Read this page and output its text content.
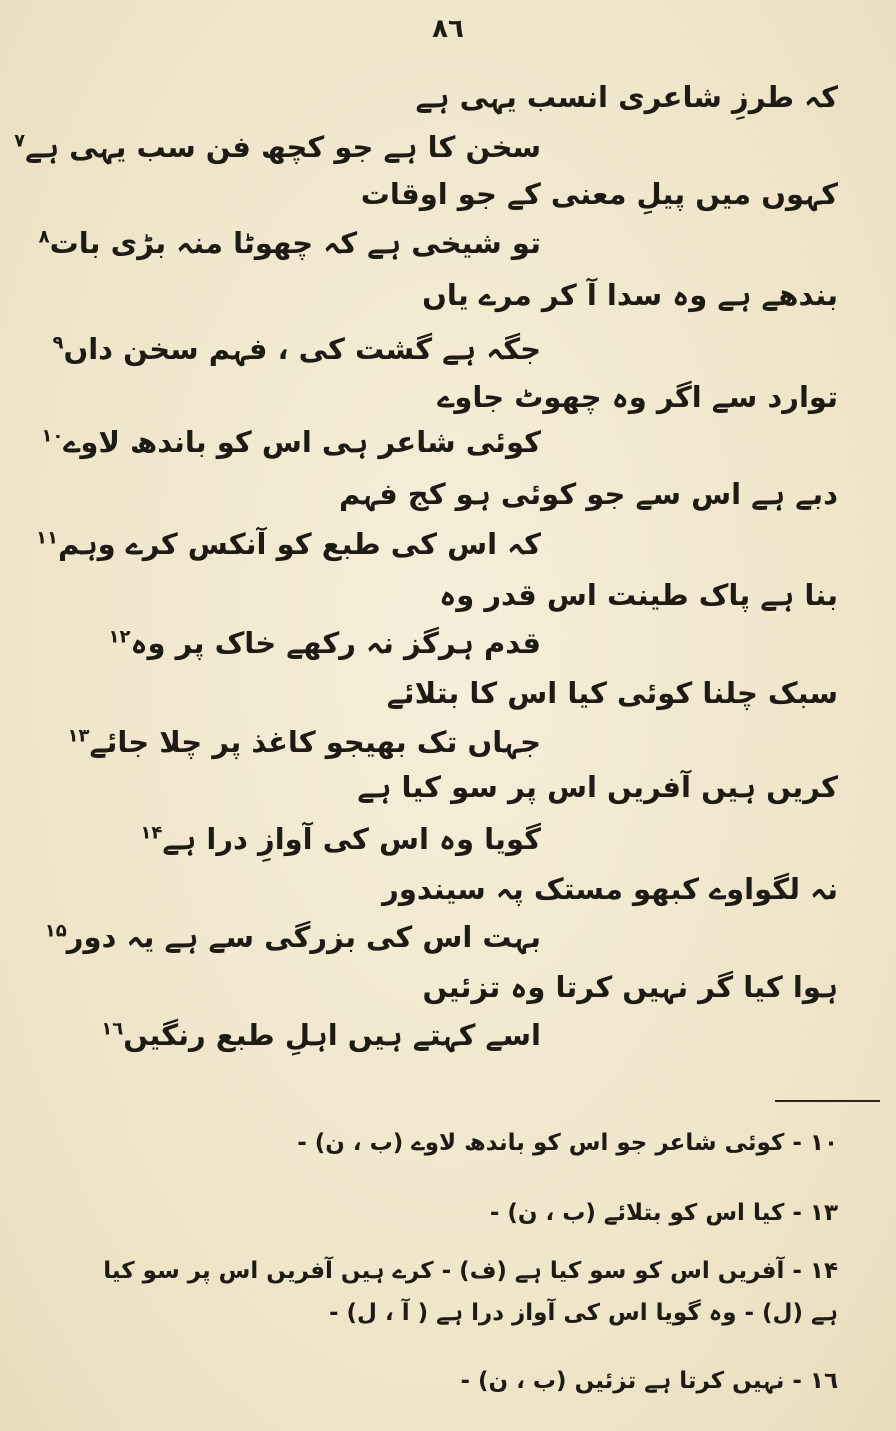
۸٦
کہ طرزِ شاعری انسب یہی ہے
سخن کا ہے جو کچھ فن سب یہی ہے$^۷$
کہوں میں پیلِ معنی کے جو اوقات
تو شیخی ہے کہ چھوٹا منہ بڑی بات$^۸$
بندھے ہے وہ سدا آ کر مرے یاں
جگہ ہے گشت کی ، فہم سخن داں$^۹$
توارد سے اگر وہ چھوٹ جاوے
کوئی شاعر ہی اس کو باندھ لاوے$^{۱۰}$
دبے ہے اس سے جو کوئی ہو کج فہم
کہ اس کی طبع کو آنکس کرے وہم$^{۱۱}$
بنا ہے پاک طینت اس قدر وہ
قدم ہرگز نہ رکھے خاک پر وہ$^{۱۲}$
سبک چلنا کوئی کیا اس کا بتلائے
جہاں تک بھیجو کاغذ پر چلا جائے$^{۱۳}$
کریں ہیں آفریں اس پر سو کیا ہے
گویا وہ اس کی آوازِ درا ہے$^{۱۴}$
نہ لگواوے کبھو مستک پہ سیندور
بہت اس کی بزرگی سے ہے یہ دور$^{۱۵}$
ہوا کیا گر نہیں کرتا وہ تزئیں
اسے کہتے ہیں اہلِ طبع رنگیں$^{۱٦}$
۱۰ - کوئی شاعر جو اس کو باندھ لاوے (ب ، ن) -
۱۳ - کیا اس کو بتلائے (ب ، ن) -
۱۴ - آفریں اس کو سو کیا ہے (ف) - کرے ہیں آفریں اس پر سو کیا
ہے (ل) - وہ گویا اس کی آواز درا ہے ( آ ، ل) -
۱٦ - نہیں کرتا ہے تزئیں (ب ، ن) -
